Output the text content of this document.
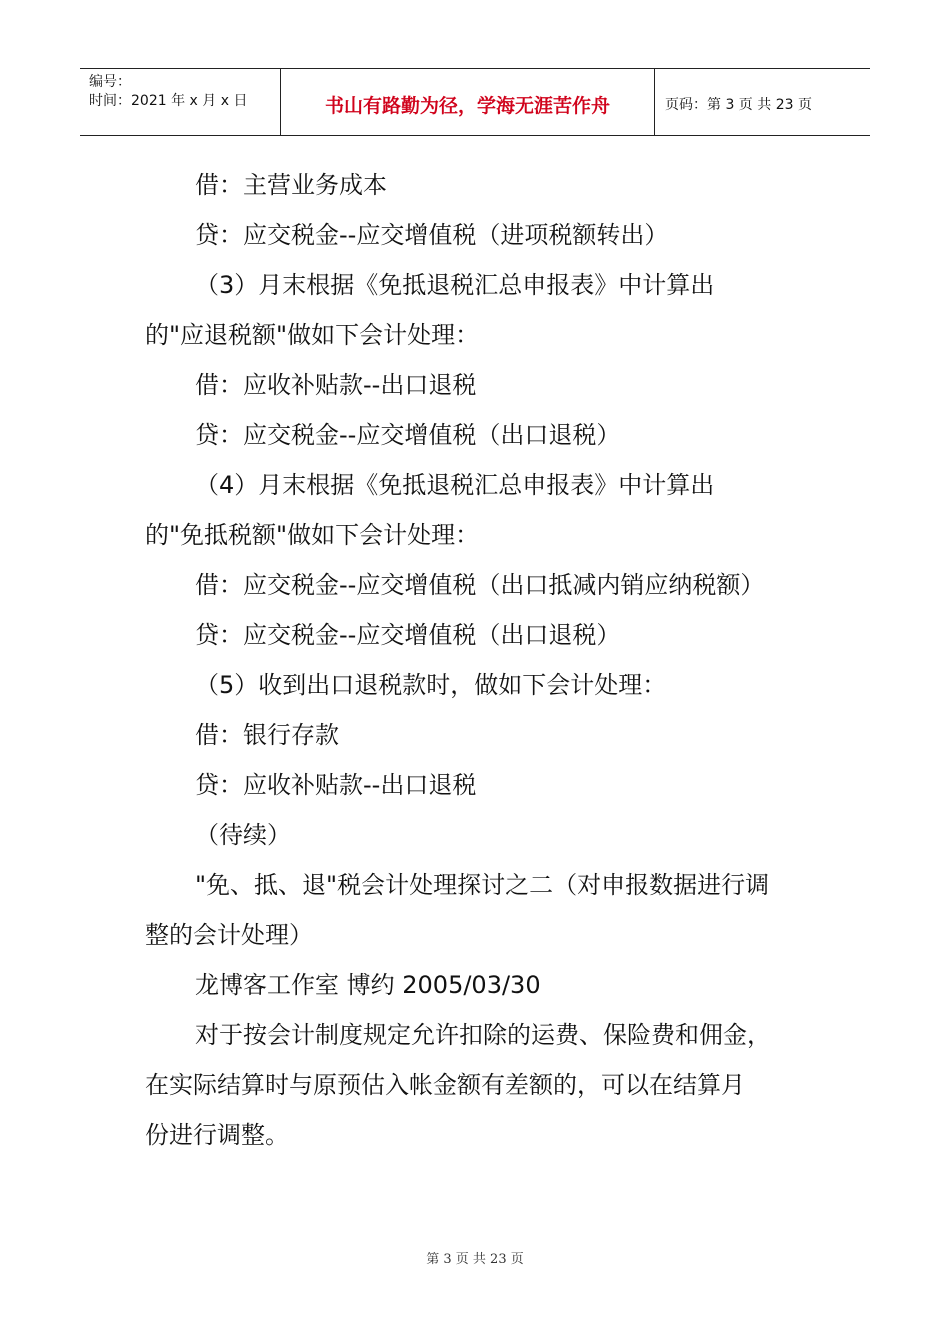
编号：
时间：2021 年 x 月 x 日	书山有路勤为径，学海无涯苦作舟	页码：第 3 页 共 23 页
借：主营业务成本
贷：应交税金--应交增值税（进项税额转出）
（3）月末根据《免抵退税汇总申报表》中计算出
的"应退税额"做如下会计处理：
借：应收补贴款--出口退税
贷：应交税金--应交增值税（出口退税）
（4）月末根据《免抵退税汇总申报表》中计算出
的"免抵税额"做如下会计处理：
借：应交税金--应交增值税（出口抵减内销应纳税额）
贷：应交税金--应交增值税（出口退税）
（5）收到出口退税款时，做如下会计处理：
借：银行存款
贷：应收补贴款--出口退税
（待续）
"免、抵、退"税会计处理探讨之二（对申报数据进行调
整的会计处理）
龙博客工作室 博约 2005/03/30
对于按会计制度规定允许扣除的运费、保险费和佣金，
在实际结算时与原预估入帐金额有差额的，可以在结算月
份进行调整。
第 3 页 共 23 页
